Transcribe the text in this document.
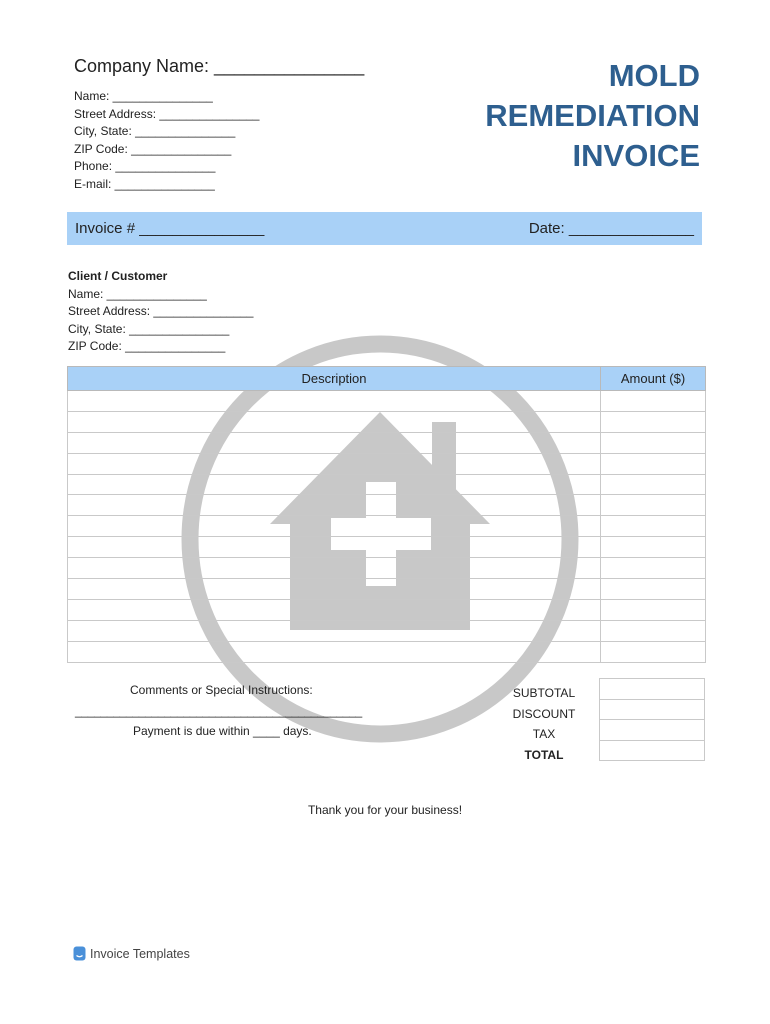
Company Name: _______________
Name: _______________
Street Address: _______________
City, State: _______________
ZIP Code: _______________
Phone: _______________
E-mail: _______________
MOLD
REMEDIATION
INVOICE
Invoice # _______________	Date: _______________
Client / Customer
Name: _______________
Street Address: _______________
City, State: _______________
ZIP Code: _______________
Description	Amount ($)

Comments or Special Instructions:
_____________________________________________
Payment is due within ____ days.
SUBTOTAL
DISCOUNT
TAX
TOTAL

Thank you for your business!
Invoice Templates
